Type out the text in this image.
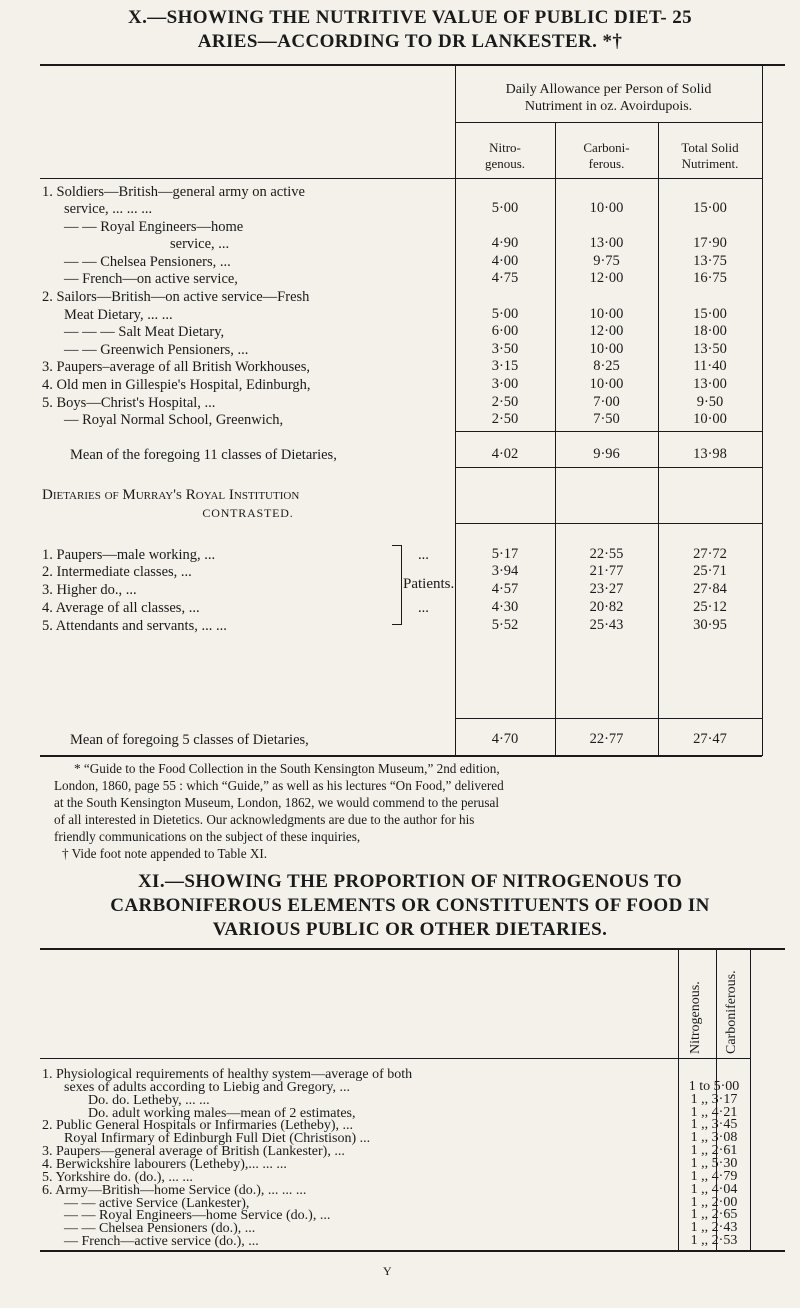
X.—SHOWING THE NUTRITIVE VALUE OF PUBLIC DIET- 25
ARIES—ACCORDING TO DR LANKESTER. *†
Daily Allowance per Person of Solid
Nutriment in oz. Avoirdupois.
Nitro-
genous.
Carboni-
ferous.
Total Solid
Nutriment.
1. Soldiers—British—general army on active
service, ... ... ...	5·00	10·00	15·00
— — Royal Engineers—home
service, ...	4·90	13·00	17·90
— — Chelsea Pensioners, ...	4·00	9·75	13·75
— French—on active service,	4·75	12·00	16·75
2. Sailors—British—on active service—Fresh
Meat Dietary, ... ...	5·00	10·00	15·00
— — — Salt Meat Dietary,	6·00	12·00	18·00
— — Greenwich Pensioners, ...	3·50	10·00	13·50
3. Paupers–average of all British Workhouses,	3·15	8·25	11·40
4. Old men in Gillespie's Hospital, Edinburgh,	3·00	10·00	13·00
5. Boys—Christ's Hospital, ...	2·50	7·00	9·50
— Royal Normal School, Greenwich,	2·50	7·50	10·00
Mean of the foregoing 11 classes of Dietaries,	4·02	9·96	13·98
Dietaries of Murray's Royal Institution
CONTRASTED.
1. Paupers—male working, ...	...	5·17	22·55	27·72
2. Intermediate classes, ...	3·94	21·77	25·71
3. Higher do., ...	4·57	23·27	27·84
4. Average of all classes, ...	...	4·30	20·82	25·12
5. Attendants and servants, ... ...	5·52	25·43	30·95
Patients.
Mean of foregoing 5 classes of Dietaries,	4·70	22·77	27·47
* “Guide to the Food Collection in the South Kensington Museum,” 2nd edition,
London, 1860, page 55 : which “Guide,” as well as his lectures “On Food,” delivered
at the South Kensington Museum, London, 1862, we would commend to the perusal
of all interested in Dietetics. Our acknowledgments are due to the author for his
friendly communications on the subject of these inquiries,
† Vide foot note appended to Table XI.
XI.—SHOWING THE PROPORTION OF NITROGENOUS TO
CARBONIFEROUS ELEMENTS OR CONSTITUENTS OF FOOD IN
VARIOUS PUBLIC OR OTHER DIETARIES.
Nitrogenous. Carboniferous.
1. Physiological requirements of healthy system—average of both
sexes of adults according to Liebig and Gregory, ...	1 to 5·00
Do. do. Letheby, ... ...	1 ,, 3·17
Do. adult working males—mean of 2 estimates,	1 ,, 4·21
2. Public General Hospitals or Infirmaries (Letheby), ...	1 ,, 3·45
Royal Infirmary of Edinburgh Full Diet (Christison) ...	1 ,, 3·08
3. Paupers—general average of British (Lankester), ...	1 ,, 2·61
4. Berwickshire labourers (Letheby),... ... ...	1 ,, 5·30
5. Yorkshire do. (do.), ... ...	1 ,, 4·79
6. Army—British—home Service (do.), ... ... ...	1 ,, 4·04
— — active Service (Lankester),	1 ,, 2·00
— — Royal Engineers—home Service (do.), ...	1 ,, 2·65
— — Chelsea Pensioners (do.), ...	1 ,, 2·43
— French—active service (do.), ...	1 ,, 2·53
Y
